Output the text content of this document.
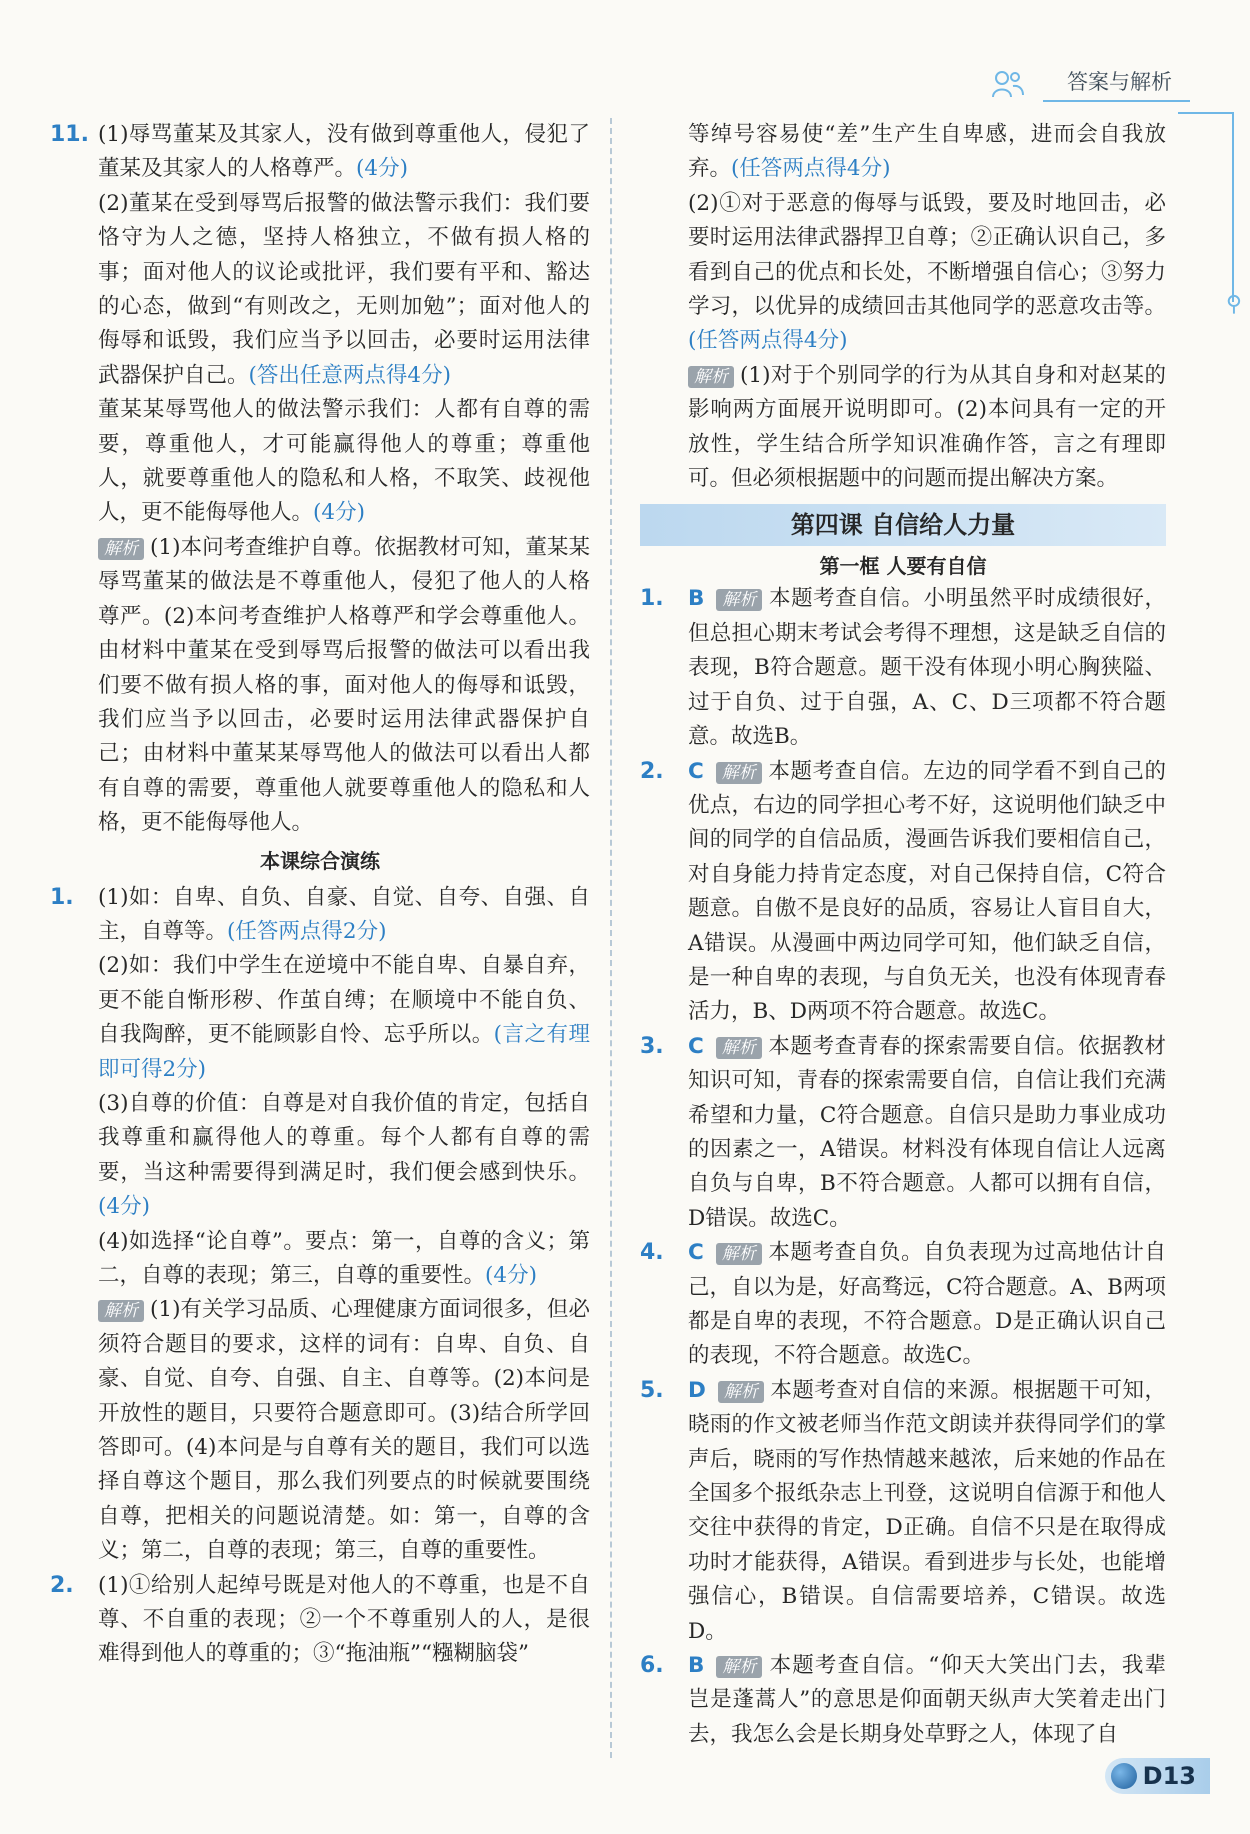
答案与解析
⚲

11. (1)辱骂董某及其家人，没有做到尊重他人，侵犯了董某及其家人的人格尊严。(4分)

(2)董某在受到辱骂后报警的做法警示我们：我们要恪守为人之德，坚持人格独立，不做有损人格的事；面对他人的议论或批评，我们要有平和、豁达的心态，做到“有则改之，无则加勉”；面对他人的侮辱和诋毁，我们应当予以回击，必要时运用法律武器保护自己。(答出任意两点得4分)

董某某辱骂他人的做法警示我们：人都有自尊的需要，尊重他人，才可能赢得他人的尊重；尊重他人，就要尊重他人的隐私和人格，不取笑、歧视他人，更不能侮辱他人。(4分)

解析 (1)本问考查维护自尊。依据教材可知，董某某辱骂董某的做法是不尊重他人，侵犯了他人的人格尊严。(2)本问考查维护人格尊严和学会尊重他人。由材料中董某在受到辱骂后报警的做法可以看出我们要不做有损人格的事，面对他人的侮辱和诋毁，我们应当予以回击，必要时运用法律武器保护自己；由材料中董某某辱骂他人的做法可以看出人都有自尊的需要，尊重他人就要尊重他人的隐私和人格，更不能侮辱他人。

本课综合演练

1. (1)如：自卑、自负、自豪、自觉、自夸、自强、自主，自尊等。(任答两点得2分)

(2)如：我们中学生在逆境中不能自卑、自暴自弃，更不能自惭形秽、作茧自缚；在顺境中不能自负、自我陶醉，更不能顾影自怜、忘乎所以。(言之有理即可得2分)

(3)自尊的价值：自尊是对自我价值的肯定，包括自我尊重和赢得他人的尊重。每个人都有自尊的需要，当这种需要得到满足时，我们便会感到快乐。(4分)

(4)如选择“论自尊”。要点：第一，自尊的含义；第二，自尊的表现；第三，自尊的重要性。(4分)

解析 (1)有关学习品质、心理健康方面词很多，但必须符合题目的要求，这样的词有：自卑、自负、自豪、自觉、自夸、自强、自主、自尊等。(2)本问是开放性的题目，只要符合题意即可。(3)结合所学回答即可。(4)本问是与自尊有关的题目，我们可以选择自尊这个题目，那么我们列要点的时候就要围绕自尊，把相关的问题说清楚。如：第一，自尊的含义；第二，自尊的表现；第三，自尊的重要性。

2. (1)①给别人起绰号既是对他人的不尊重，也是不自尊、不自重的表现；②一个不尊重别人的人，是很难得到他人的尊重的；③“拖油瓶”“糨糊脑袋”

等绰号容易使“差”生产生自卑感，进而会自我放弃。(任答两点得4分)

(2)①对于恶意的侮辱与诋毁，要及时地回击，必要时运用法律武器捍卫自尊；②正确认识自己，多看到自己的优点和长处，不断增强自信心；③努力学习，以优异的成绩回击其他同学的恶意攻击等。(任答两点得4分)

解析 (1)对于个别同学的行为从其自身和对赵某的影响两方面展开说明即可。(2)本问具有一定的开放性，学生结合所学知识准确作答，言之有理即可。但必须根据题中的问题而提出解决方案。

第四课 自信给人力量
第一框 人要有自信

1. B 解析 本题考查自信。小明虽然平时成绩很好，但总担心期末考试会考得不理想，这是缺乏自信的表现，B符合题意。题干没有体现小明心胸狭隘、过于自负、过于自强，A、C、D三项都不符合题意。故选B。

2. C 解析 本题考查自信。左边的同学看不到自己的优点，右边的同学担心考不好，这说明他们缺乏中间的同学的自信品质，漫画告诉我们要相信自己，对自身能力持肯定态度，对自己保持自信，C符合题意。自傲不是良好的品质，容易让人盲目自大，A错误。从漫画中两边同学可知，他们缺乏自信，是一种自卑的表现，与自负无关，也没有体现青春活力，B、D两项不符合题意。故选C。

3. C 解析 本题考查青春的探索需要自信。依据教材知识可知，青春的探索需要自信，自信让我们充满希望和力量，C符合题意。自信只是助力事业成功的因素之一，A错误。材料没有体现自信让人远离自负与自卑，B不符合题意。人都可以拥有自信，D错误。故选C。

4. C 解析 本题考查自负。自负表现为过高地估计自己，自以为是，好高骛远，C符合题意。A、B两项都是自卑的表现，不符合题意。D是正确认识自己的表现，不符合题意。故选C。

5. D 解析 本题考查对自信的来源。根据题干可知，晓雨的作文被老师当作范文朗读并获得同学们的掌声后，晓雨的写作热情越来越浓，后来她的作品在全国多个报纸杂志上刊登，这说明自信源于和他人交往中获得的肯定，D正确。自信不只是在取得成功时才能获得，A错误。看到进步与长处，也能增强信心，B错误。自信需要培养，C错误。故选D。

6. B 解析 本题考查自信。“仰天大笑出门去，我辈岂是蓬蒿人”的意思是仰面朝天纵声大笑着走出门去，我怎么会是长期身处草野之人，体现了自

D13
